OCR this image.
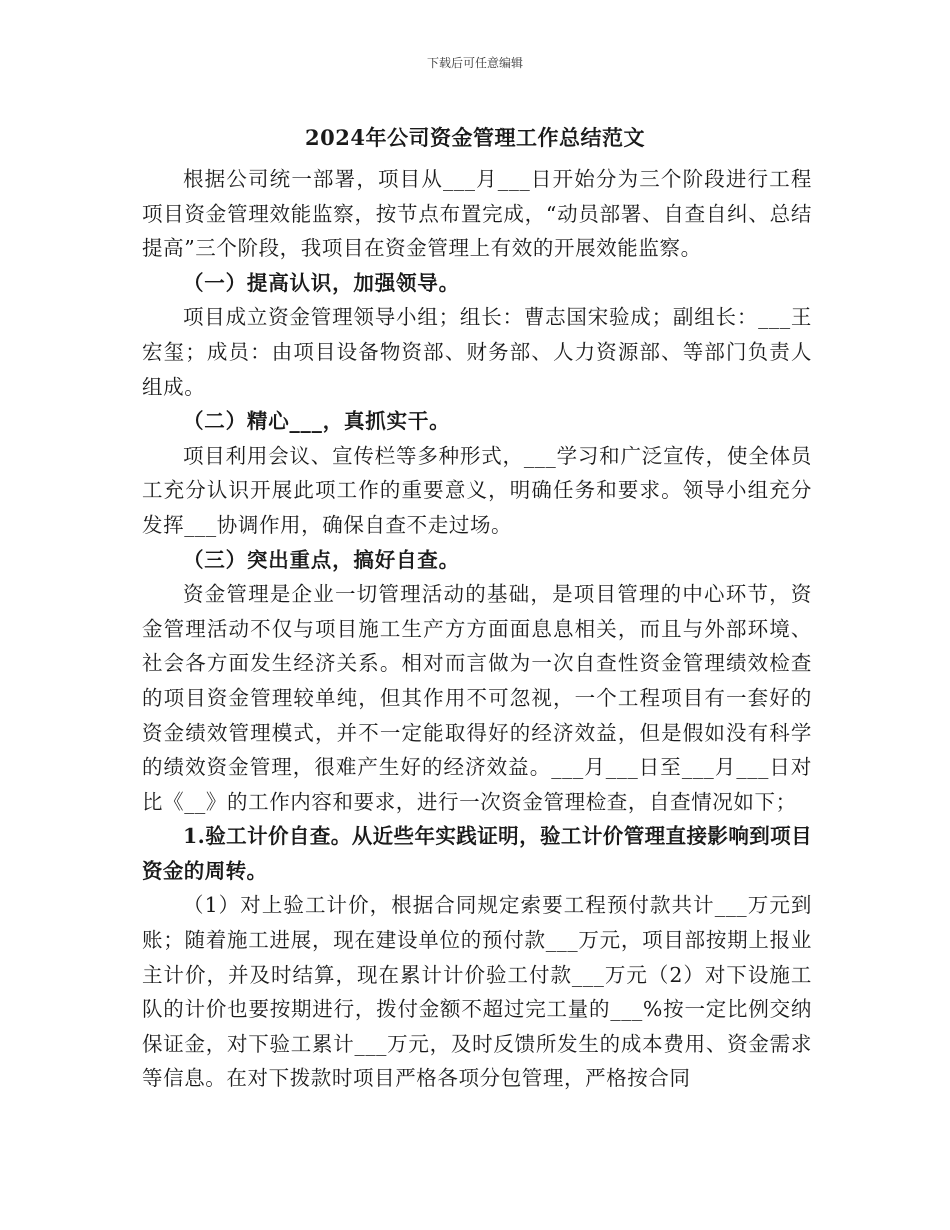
下载后可任意编辑
2024年公司资金管理工作总结范文

根据公司统一部署，项目从___月___日开始分为三个阶段进行工程项目资金管理效能监察，按节点布置完成，“动员部署、自查自纠、总结提高”三个阶段，我项目在资金管理上有效的开展效能监察。

（一）提高认识，加强领导。

项目成立资金管理领导小组；组长：曹志国宋验成；副组长：___王宏玺；成员：由项目设备物资部、财务部、人力资源部、等部门负责人组成。

（二）精心___，真抓实干。

项目利用会议、宣传栏等多种形式，___学习和广泛宣传，使全体员工充分认识开展此项工作的重要意义，明确任务和要求。领导小组充分发挥___协调作用，确保自查不走过场。

（三）突出重点，搞好自查。

资金管理是企业一切管理活动的基础，是项目管理的中心环节，资金管理活动不仅与项目施工生产方方面面息息相关，而且与外部环境、社会各方面发生经济关系。相对而言做为一次自查性资金管理绩效检查的项目资金管理较单纯，但其作用不可忽视，一个工程项目有一套好的资金绩效管理模式，并不一定能取得好的经济效益，但是假如没有科学的绩效资金管理，很难产生好的经济效益。___月___日至___月___日对比《__》的工作内容和要求，进行一次资金管理检查，自查情况如下；

1.验工计价自查。从近些年实践证明，验工计价管理直接影响到项目资金的周转。

（1）对上验工计价，根据合同规定索要工程预付款共计___万元到账；随着施工进展，现在建设单位的预付款___万元，项目部按期上报业主计价，并及时结算，现在累计计价验工付款___万元（2）对下设施工队的计价也要按期进行，拨付金额不超过完工量的___%按一定比例交纳保证金，对下验工累计___万元，及时反馈所发生的成本费用、资金需求等信息。在对下拨款时项目严格各项分包管理，严格按合同
